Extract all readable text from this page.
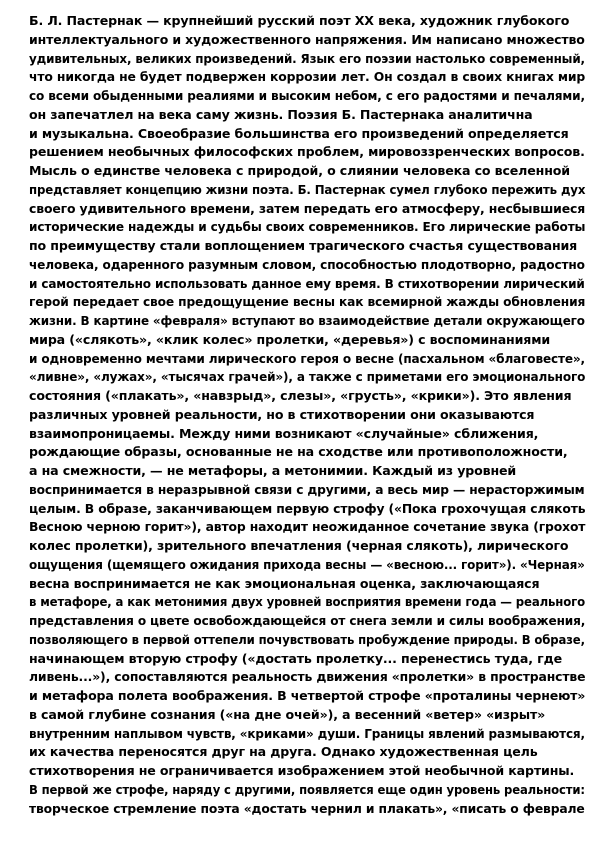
Б. Л. Пастернак — крупнейший русский поэт XX века, художник глубокого
интеллектуального и художественного напряжения. Им написано множество
удивительных, великих произведений. Язык его поэзии настолько современный,
что никогда не будет подвержен коррозии лет. Он создал в своих книгах мир
со всеми обыденными реалиями и высоким небом, с его радостями и печалями,
он запечатлел на века саму жизнь. Поэзия Б. Пастернака аналитична
и музыкальна. Своеобразие большинства его произведений определяется
решением необычных философских проблем, мировоззренческих вопросов.
Мысль о единстве человека с природой, о слиянии человека со вселенной
представляет концепцию жизни поэта. Б. Пастернак сумел глубоко пережить дух
своего удивительного времени, затем передать его атмосферу, несбывшиеся
исторические надежды и судьбы своих современников. Его лирические работы
по преимуществу стали воплощением трагического счастья существования
человека, одаренного разумным словом, способностью плодотворно, радостно
и самостоятельно использовать данное ему время. В стихотворении лирический
герой передает свое предощущение весны как всемирной жажды обновления
жизни. В картине «февраля» вступают во взаимодействие детали окружающего
мира («слякоть», «клик колес» пролетки, «деревья») с воспоминаниями
и одновременно мечтами лирического героя о весне (пасхальном «благовесте»,
«ливне», «лужах», «тысячах грачей»), а также с приметами его эмоционального
состояния («плакать», «навзрыд», слезы», «грусть», «крики»). Это явления
различных уровней реальности, но в стихотворении они оказываются
взаимопроницаемы. Между ними возникают «случайные» сближения,
рождающие образы, основанные не на сходстве или противоположности,
а на смежности, — не метафоры, а метонимии. Каждый из уровней
воспринимается в неразрывной связи с другими, а весь мир — нерасторжимым
целым. В образе, заканчивающем первую строфу («Пока грохочущая слякоть
Весною черною горит»), автор находит неожиданное сочетание звука (грохот
колес пролетки), зрительного впечатления (черная слякоть), лирического
ощущения (щемящего ожидания прихода весны — «весною... горит»). «Черная»
весна воспринимается не как эмоциональная оценка, заключающаяся
в метафоре, а как метонимия двух уровней восприятия времени года — реального
представления о цвете освобождающейся от снега земли и силы воображения,
позволяющего в первой оттепели почувствовать пробуждение природы. В образе,
начинающем вторую строфу («достать пролетку... перенестись туда, где
ливень...»), сопоставляются реальность движения «пролетки» в пространстве
и метафора полета воображения. В четвертой строфе «проталины чернеют»
в самой глубине сознания («на дне очей»), а весенний «ветер» «изрыт»
внутренним наплывом чувств, «криками» души. Границы явлений размываются,
их качества переносятся друг на друга. Однако художественная цель
стихотворения не ограничивается изображением этой необычной картины.
В первой же строфе, наряду с другими, появляется еще один уровень реальности:
творческое стремление поэта «достать чернил и плакать», «писать о феврале
